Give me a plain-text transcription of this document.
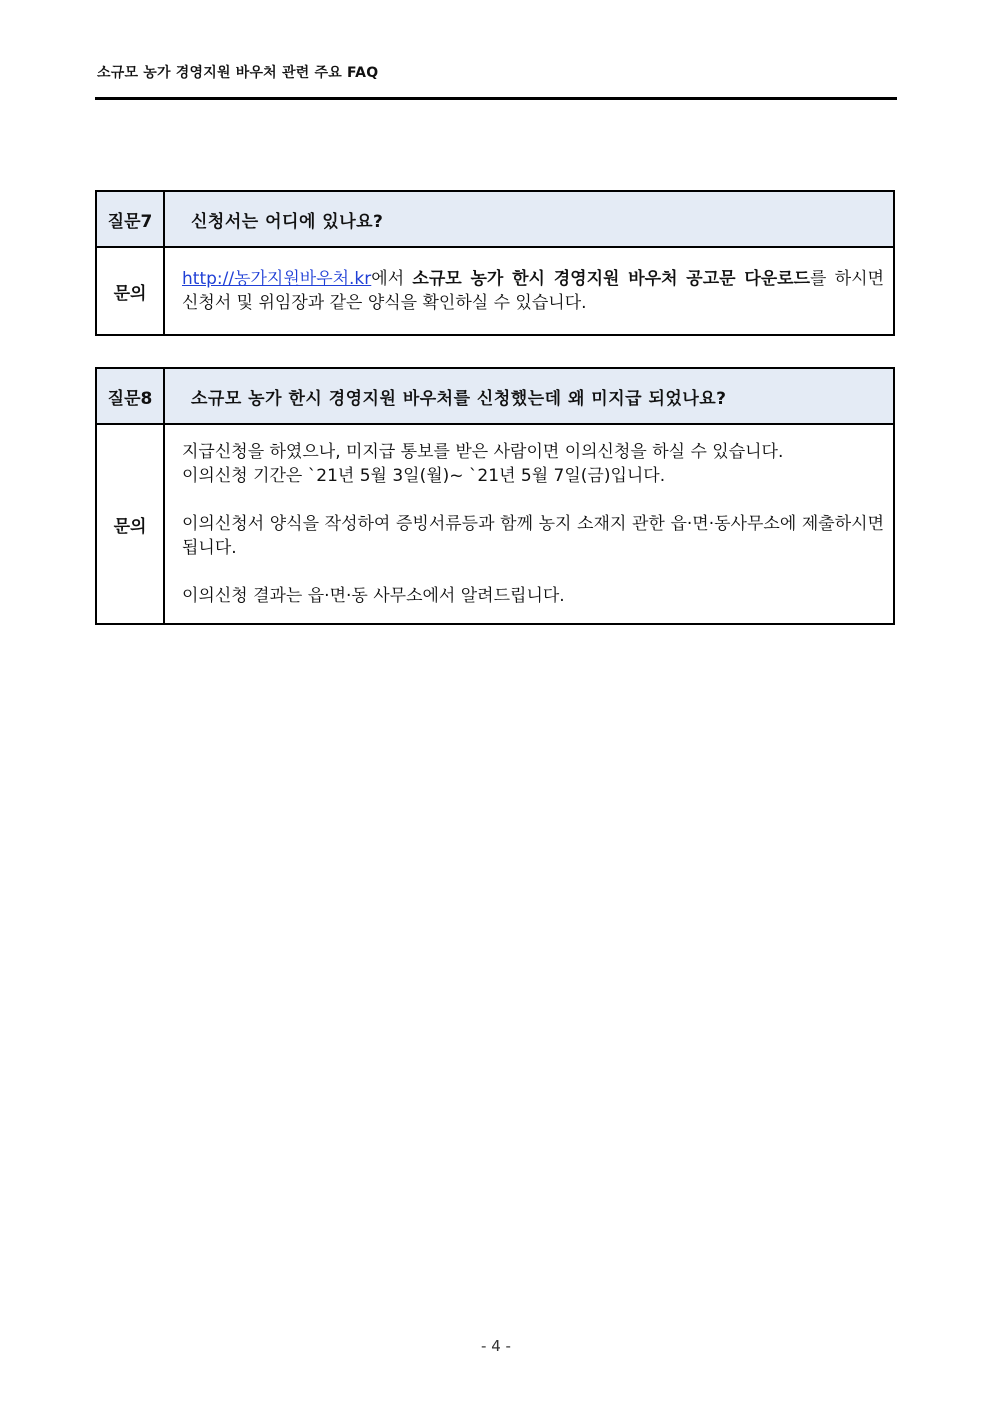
소규모 농가 경영지원 바우처 관련 주요 FAQ
질문7	신청서는 어디에 있나요?
문의	http://농가지원바우처.kr에서 소규모 농가 한시 경영지원 바우처 공고문 다운로드를 하시면 신청서 및 위임장과 같은 양식을 확인하실 수 있습니다.
질문8	소규모 농가 한시 경영지원 바우처를 신청했는데 왜 미지급 되었나요?
문의	지급신청을 하였으나, 미지급 통보를 받은 사람이면 이의신청을 하실 수 있습니다.

이의신청 기간은 `21년 5월 3일(월)~ `21년 5월 7일(금)입니다.

이의신청서 양식을 작성하여 증빙서류등과 함께 농지 소재지 관한 읍·면·동사무소에 제출하시면 됩니다.

이의신청 결과는 읍·면·동 사무소에서 알려드립니다.

- 4 -
